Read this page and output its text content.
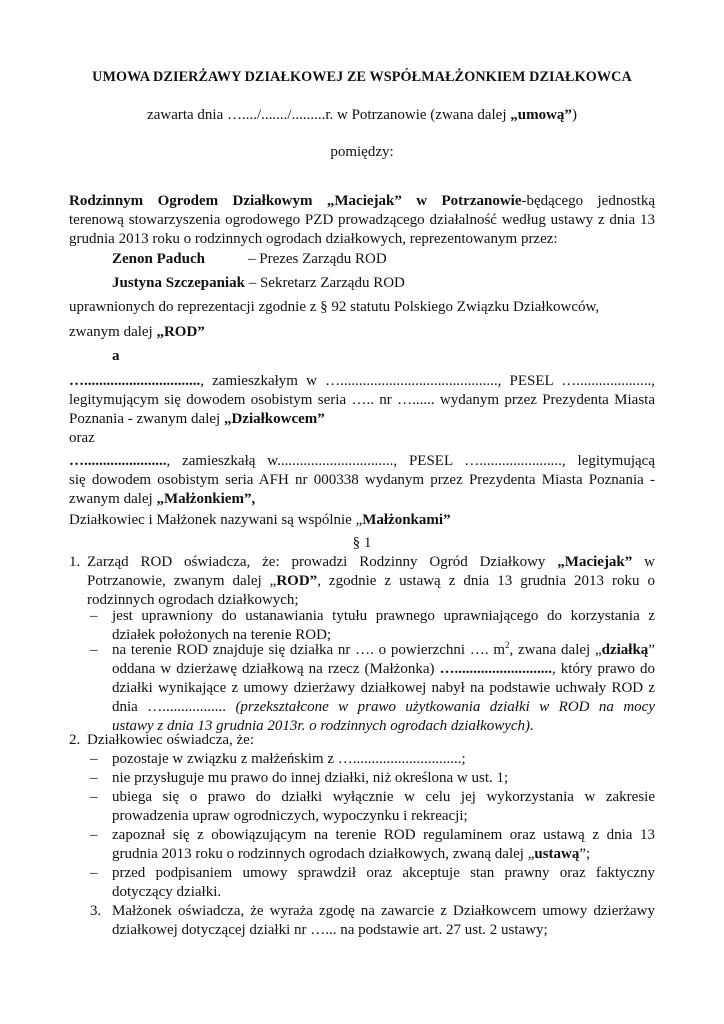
UMOWA DZIERŻAWY DZIAŁKOWEJ ZE WSPÓŁMAŁŻONKIEM DZIAŁKOWCA
zawarta dnia …..../......./.........r. w Potrzanowie (zwana dalej „umową”)
pomiędzy:
Rodzinnym Ogrodem Działkowym „Maciejak” w Potrzanowie-będącego jednostką
terenową stowarzyszenia ogrodowego PZD prowadzącego działalność według ustawy z dnia 13
grudnia 2013 roku o rodzinnych ogrodach działkowych, reprezentowanym przez:
Zenon Paduch	– Prezes Zarządu ROD
Justyna Szczepaniak – Sekretarz Zarządu ROD
uprawnionych do reprezentacji zgodnie z § 92 statutu Polskiego Związku Działkowców,
zwanym dalej „ROD”
a
…..............................., zamieszkałym w ….........................................., PESEL …....................,
legitymującym się dowodem osobistym seria ….. nr …...... wydanym przez Prezydenta Miasta
Poznania - zwanym dalej „Działkowcem”
oraz
…......................, zamieszkałą w..............................., PESEL …......................, legitymującą
się dowodem osobistym seria AFH nr 000338 wydanym przez Prezydenta Miasta Poznania -
zwanym dalej „Małżonkiem”,
Działkowiec i Małżonek nazywani są wspólnie „Małżonkami”
§ 1
1. Zarząd ROD oświadcza, że: prowadzi Rodzinny Ogród Działkowy „Maciejak” w
Potrzanowie, zwanym dalej „ROD”, zgodnie z ustawą z dnia 13 grudnia 2013 roku o
rodzinnych ogrodach działkowych;
– jest uprawniony do ustanawiania tytułu prawnego uprawniającego do korzystania z
działek położonych na terenie ROD;
– na terenie ROD znajduje się działka nr …. o powierzchni …. $m^2$, zwana dalej „działką”
oddana w dzierżawę działkową na rzecz (Małżonka) ….........................., który prawo do
działki wynikające z umowy dzierżawy działkowej nabył na podstawie uchwały ROD z
dnia …................. (przekształcone w prawo użytkowania działki w ROD na mocy
ustawy z dnia 13 grudnia 2013r. o rodzinnych ogrodach działkowych).
2. Działkowiec oświadcza, że:
– pozostaje w związku z małżeńskim z ….............................;
– nie przysługuje mu prawo do innej działki, niż określona w ust. 1;
– ubiega się o prawo do działki wyłącznie w celu jej wykorzystania w zakresie
prowadzenia upraw ogrodniczych, wypoczynku i rekreacji;
– zapoznał się z obowiązującym na terenie ROD regulaminem oraz ustawą z dnia 13
grudnia 2013 roku o rodzinnych ogrodach działkowych, zwaną dalej „ustawą”;
– przed podpisaniem umowy sprawdził oraz akceptuje stan prawny oraz faktyczny
dotyczący działki.
3. Małżonek oświadcza, że wyraża zgodę na zawarcie z Działkowcem umowy dzierżawy
działkowej dotyczącej działki nr …... na podstawie art. 27 ust. 2 ustawy;
